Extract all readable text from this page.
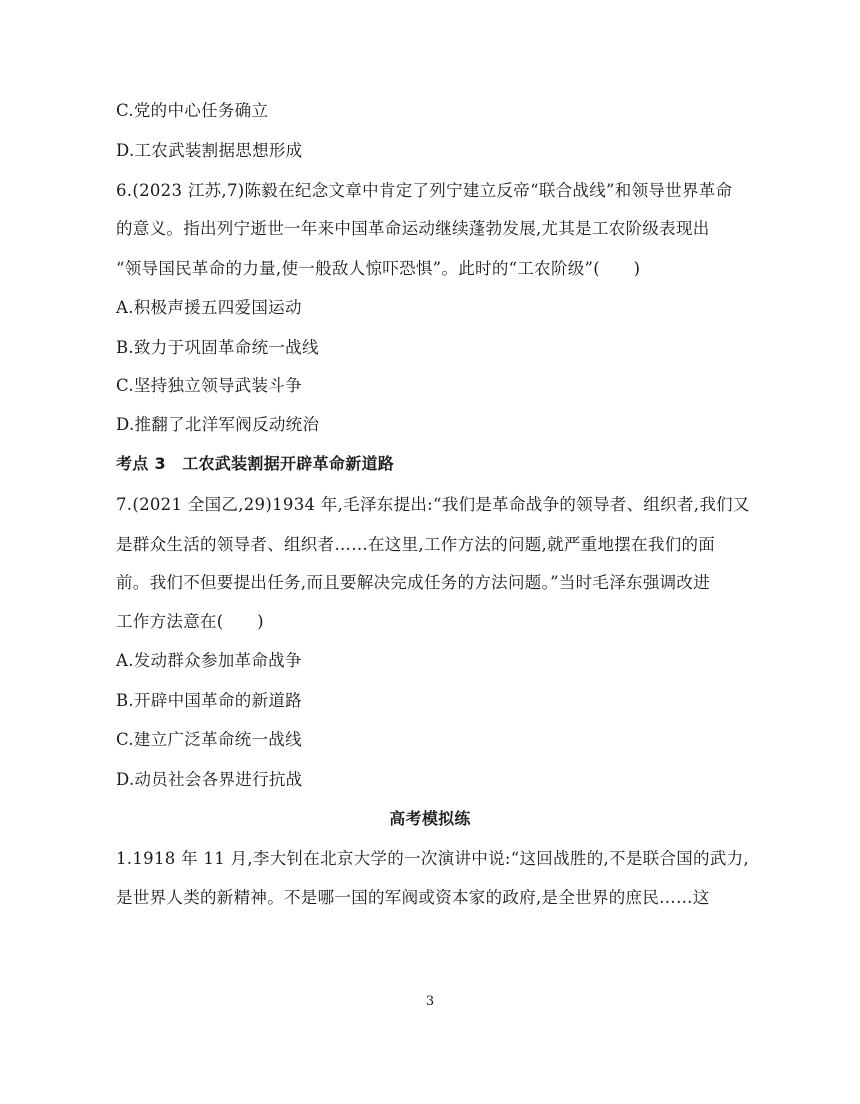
C.党的中心任务确立
D.工农武装割据思想形成
6.(2023 江苏,7)陈毅在纪念文章中肯定了列宁建立反帝“联合战线”和领导世界革命
的意义。指出列宁逝世一年来中国革命运动继续蓬勃发展,尤其是工农阶级表现出
“领导国民革命的力量,使一般敌人惊吓恐惧”。此时的“工农阶级”(　　)
A.积极声援五四爱国运动
B.致力于巩固革命统一战线
C.坚持独立领导武装斗争
D.推翻了北洋军阀反动统治
考点 3　工农武装割据开辟革命新道路
7.(2021 全国乙,29)1934 年,毛泽东提出:“我们是革命战争的领导者、组织者,我们又
是群众生活的领导者、组织者……在这里,工作方法的问题,就严重地摆在我们的面
前。我们不但要提出任务,而且要解决完成任务的方法问题。”当时毛泽东强调改进
工作方法意在(　　)
A.发动群众参加革命战争
B.开辟中国革命的新道路
C.建立广泛革命统一战线
D.动员社会各界进行抗战
高考模拟练
1.1918 年 11 月,李大钊在北京大学的一次演讲中说:“这回战胜的,不是联合国的武力,
是世界人类的新精神。不是哪一国的军阀或资本家的政府,是全世界的庶民……这
3
